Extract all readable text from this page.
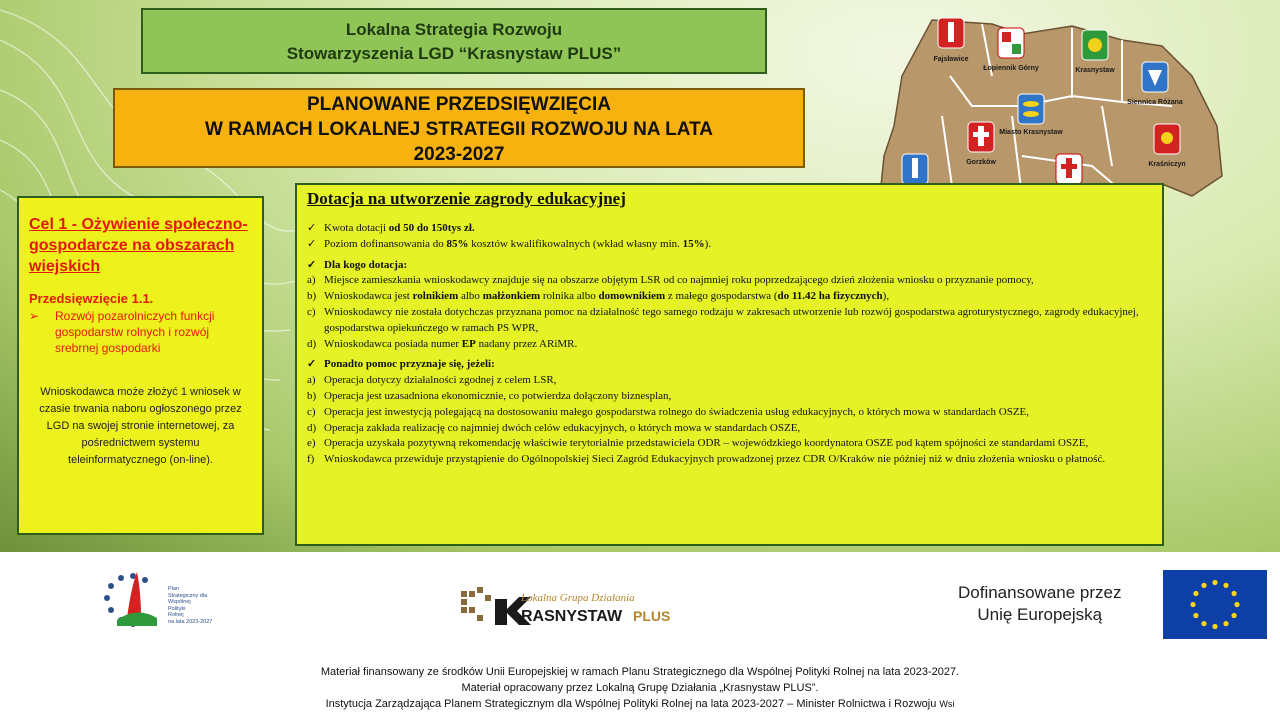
Lokalna Strategia Rozwoju
Stowarzyszenia LGD “Krasnystaw PLUS”
PLANOWANE PRZEDSIĘWZIĘCIA
W RAMACH LOKALNEJ STRATEGII ROZWOJU NA LATA
2023-2027
Fajsławice
Łopiennik Górny	Krasnystaw
Siennica Różana
Miasto Krasnystaw
Gorzków	Kraśniczyn
Cel 1 - Ożywienie społeczno-gospodarcze na obszarach wiejskich
Przedsięwzięcie 1.1.
➢	Rozwój pozarolniczych funkcji gospodarstw rolnych i rozwój srebrnej gospodarki
Wnioskodawca może złożyć 1 wniosek w czasie trwania naboru ogłoszonego przez LGD na swojej stronie internetowej, za pośrednictwem systemu teleinformatycznego (on-line).
Dotacja na utworzenie zagrody edukacyjnej
✓ Kwota dotacji od 50 do 150tys zł.
✓ Poziom dofinansowania do 85% kosztów kwalifikowalnych (wkład własny min. 15%).
✓ Dla kogo dotacja:
a) Miejsce zamieszkania wnioskodawcy znajduje się na obszarze objętym LSR od co najmniej roku poprzedzającego dzień złożenia wniosku o przyznanie pomocy,
b) Wnioskodawca jest rolnikiem albo małżonkiem rolnika albo domownikiem z małego gospodarstwa (do 11.42 ha fizycznych),
c) Wnioskodawcy nie została dotychczas przyznana pomoc na działalność tego samego rodzaju w zakresach utworzenie lub rozwój gospodarstwa agroturystycznego, zagrody edukacyjnej, gospodarstwa opiekuńczego w ramach PS WPR,
d) Wnioskodawca posiada numer EP nadany przez ARiMR.
✓ Ponadto pomoc przyznaje się, jeżeli:
a) Operacja dotyczy działalności zgodnej z celem LSR,
b) Operacja jest uzasadniona ekonomicznie, co potwierdza dołączony biznesplan,
c) Operacja jest inwestycją polegającą na dostosowaniu małego gospodarstwa rolnego do świadczenia usług edukacyjnych, o których mowa w standardach OSZE,
d) Operacja zakłada realizację co najmniej dwóch celów edukacyjnych, o których mowa w standardach OSZE,
e) Operacja uzyskała pozytywną rekomendację właściwie terytorialnie przedstawiciela ODR – wojewódzkiego koordynatora OSZE pod kątem spójności ze standardami OSZE,
f) Wnioskodawca przewiduje przystąpienie do Ogólnopolskiej Sieci Zagród Edukacyjnych prowadzonej przez CDR O/Kraków nie później niż w dniu złożenia wniosku o płatność.
Plan
Strategiczny dla
Wspólnej
Polityki
Rolnej
na lata 2023-2027
Lokalna Grupa Działania
RASNYSTAW PLUS
Dofinansowane przez
Unię Europejską
Materiał finansowany ze środków Unii Europejskiej w ramach Planu Strategicznego dla Wspólnej Polityki Rolnej na lata 2023-2027.
Materiał opracowany przez Lokalną Grupę Działania „Krasnystaw PLUS”.
Instytucja Zarządzająca Planem Strategicznym dla Wspólnej Polityki Rolnej na lata 2023-2027 – Minister Rolnictwa i Rozwoju Wsi
